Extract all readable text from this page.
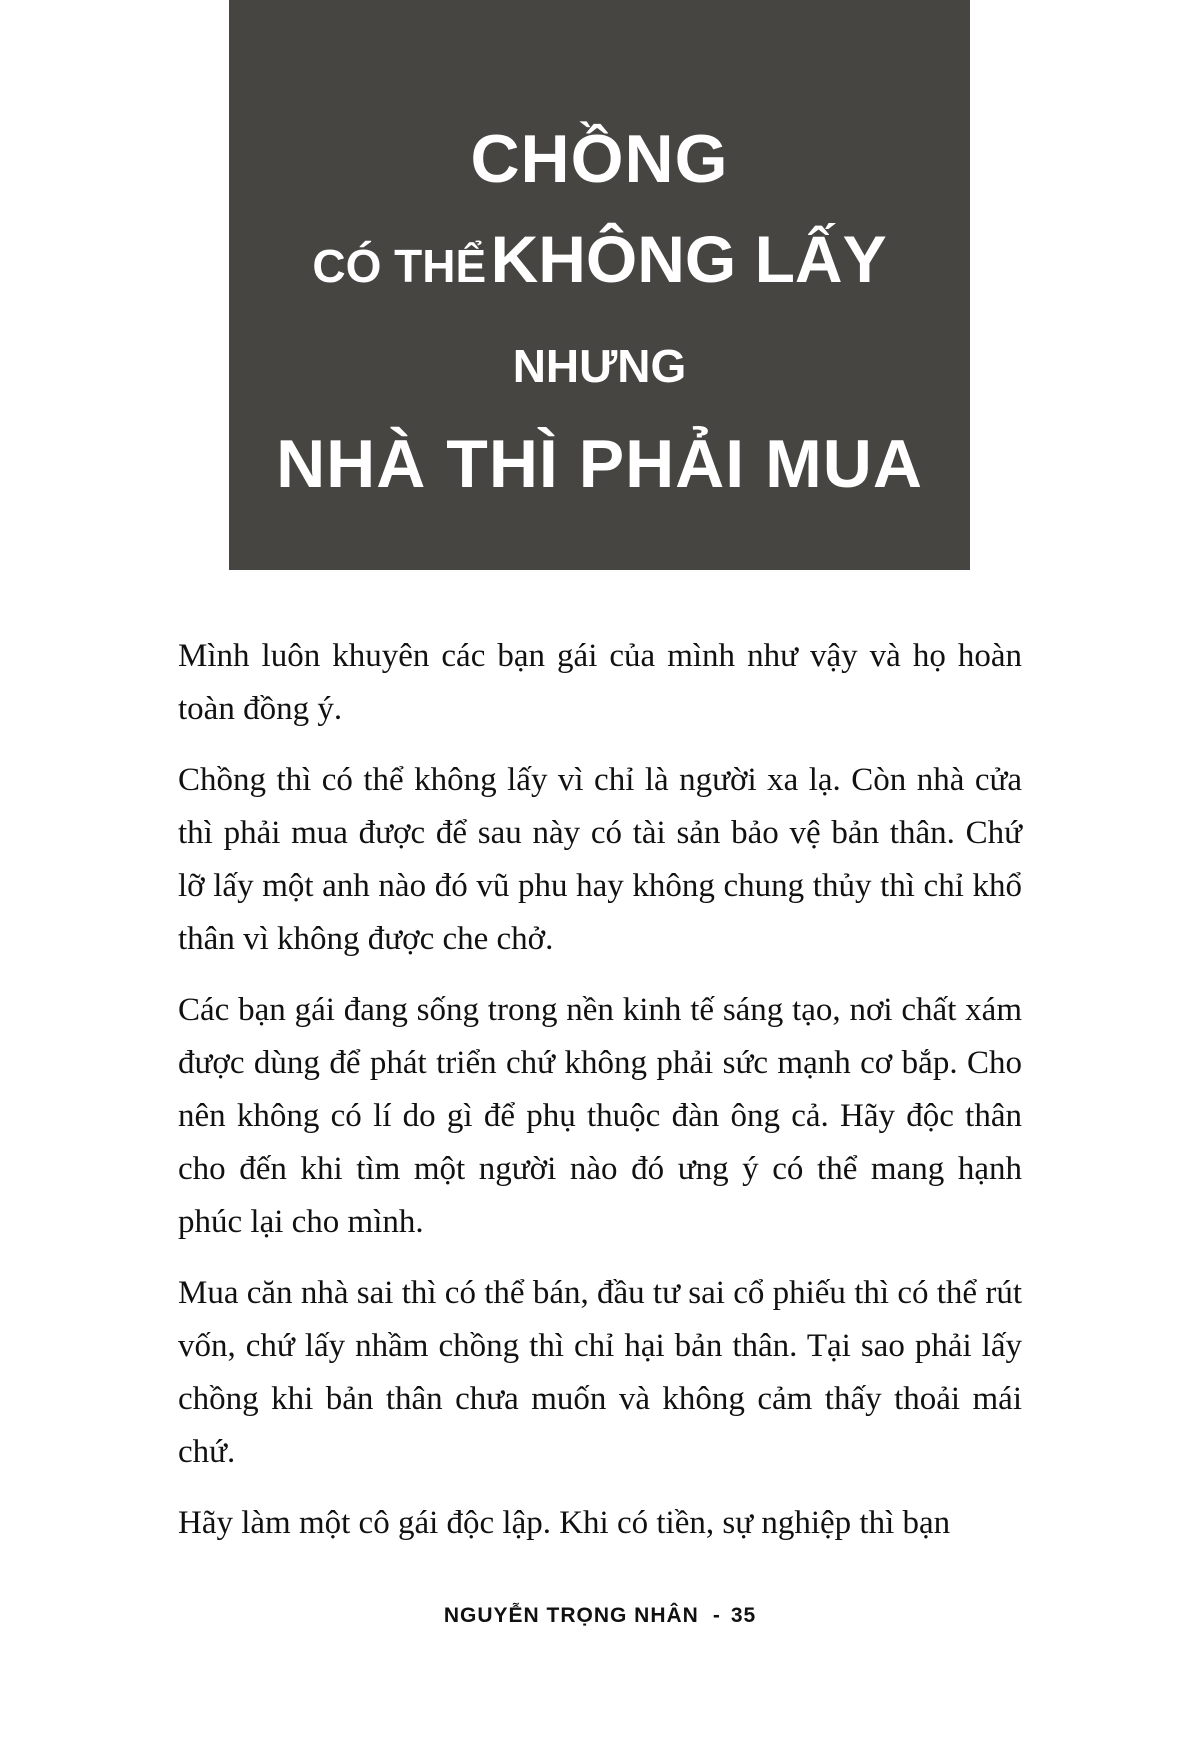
CHỒNG
CÓ THỂ KHÔNG LẤY
NHƯNG
NHÀ THÌ PHẢI MUA

Mình luôn khuyên các bạn gái của mình như vậy và họ hoàn toàn đồng ý.

Chồng thì có thể không lấy vì chỉ là người xa lạ. Còn nhà cửa thì phải mua được để sau này có tài sản bảo vệ bản thân. Chứ lỡ lấy một anh nào đó vũ phu hay không chung thủy thì chỉ khổ thân vì không được che chở.

Các bạn gái đang sống trong nền kinh tế sáng tạo, nơi chất xám được dùng để phát triển chứ không phải sức mạnh cơ bắp. Cho nên không có lí do gì để phụ thuộc đàn ông cả. Hãy độc thân cho đến khi tìm một người nào đó ưng ý có thể mang hạnh phúc lại cho mình.

Mua căn nhà sai thì có thể bán, đầu tư sai cổ phiếu thì có thể rút vốn, chứ lấy nhầm chồng thì chỉ hại bản thân. Tại sao phải lấy chồng khi bản thân chưa muốn và không cảm thấy thoải mái chứ.

Hãy làm một cô gái độc lập. Khi có tiền, sự nghiệp thì bạn

NGUYỄN TRỌNG NHÂN - 35
